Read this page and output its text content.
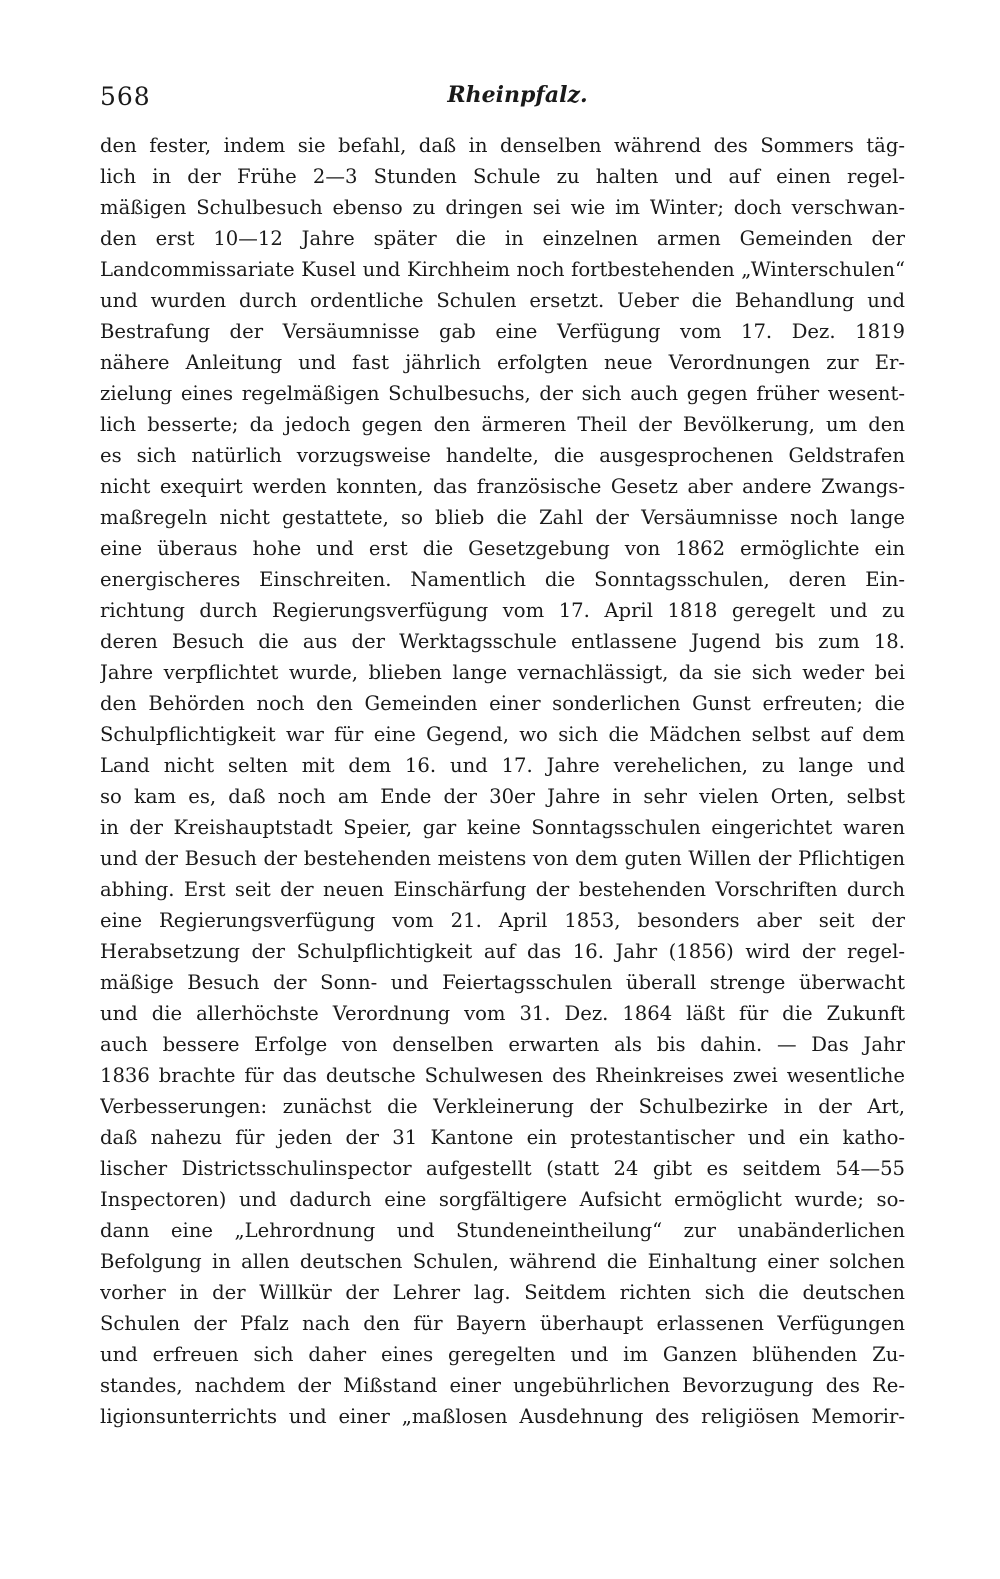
568	Rheinpfalz.
den fester, indem sie befahl, daß in denselben während des Sommers täg-
lich in der Frühe 2—3 Stunden Schule zu halten und auf einen regel-
mäßigen Schulbesuch ebenso zu dringen sei wie im Winter; doch verschwan-
den erst 10—12 Jahre später die in einzelnen armen Gemeinden der
Landcommissariate Kusel und Kirchheim noch fortbestehenden „Winterschulen“
und wurden durch ordentliche Schulen ersetzt. Ueber die Behandlung und
Bestrafung der Versäumnisse gab eine Verfügung vom 17. Dez. 1819
nähere Anleitung und fast jährlich erfolgten neue Verordnungen zur Er-
zielung eines regelmäßigen Schulbesuchs, der sich auch gegen früher wesent-
lich besserte; da jedoch gegen den ärmeren Theil der Bevölkerung, um den
es sich natürlich vorzugsweise handelte, die ausgesprochenen Geldstrafen
nicht exequirt werden konnten, das französische Gesetz aber andere Zwangs-
maßregeln nicht gestattete, so blieb die Zahl der Versäumnisse noch lange
eine überaus hohe und erst die Gesetzgebung von 1862 ermöglichte ein
energischeres Einschreiten. Namentlich die Sonntagsschulen, deren Ein-
richtung durch Regierungsverfügung vom 17. April 1818 geregelt und zu
deren Besuch die aus der Werktagsschule entlassene Jugend bis zum 18.
Jahre verpflichtet wurde, blieben lange vernachlässigt, da sie sich weder bei
den Behörden noch den Gemeinden einer sonderlichen Gunst erfreuten; die
Schulpflichtigkeit war für eine Gegend, wo sich die Mädchen selbst auf dem
Land nicht selten mit dem 16. und 17. Jahre verehelichen, zu lange und
so kam es, daß noch am Ende der 30er Jahre in sehr vielen Orten, selbst
in der Kreishauptstadt Speier, gar keine Sonntagsschulen eingerichtet waren
und der Besuch der bestehenden meistens von dem guten Willen der Pflichtigen
abhing. Erst seit der neuen Einschärfung der bestehenden Vorschriften durch
eine Regierungsverfügung vom 21. April 1853, besonders aber seit der
Herabsetzung der Schulpflichtigkeit auf das 16. Jahr (1856) wird der regel-
mäßige Besuch der Sonn- und Feiertagsschulen überall strenge überwacht
und die allerhöchste Verordnung vom 31. Dez. 1864 läßt für die Zukunft
auch bessere Erfolge von denselben erwarten als bis dahin. — Das Jahr
1836 brachte für das deutsche Schulwesen des Rheinkreises zwei wesentliche
Verbesserungen: zunächst die Verkleinerung der Schulbezirke in der Art,
daß nahezu für jeden der 31 Kantone ein protestantischer und ein katho-
lischer Districtsschulinspector aufgestellt (statt 24 gibt es seitdem 54—55
Inspectoren) und dadurch eine sorgfältigere Aufsicht ermöglicht wurde; so-
dann eine „Lehrordnung und Stundeneintheilung“ zur unabänderlichen
Befolgung in allen deutschen Schulen, während die Einhaltung einer solchen
vorher in der Willkür der Lehrer lag. Seitdem richten sich die deutschen
Schulen der Pfalz nach den für Bayern überhaupt erlassenen Verfügungen
und erfreuen sich daher eines geregelten und im Ganzen blühenden Zu-
standes, nachdem der Mißstand einer ungebührlichen Bevorzugung des Re-
ligionsunterrichts und einer „maßlosen Ausdehnung des religiösen Memorir-
